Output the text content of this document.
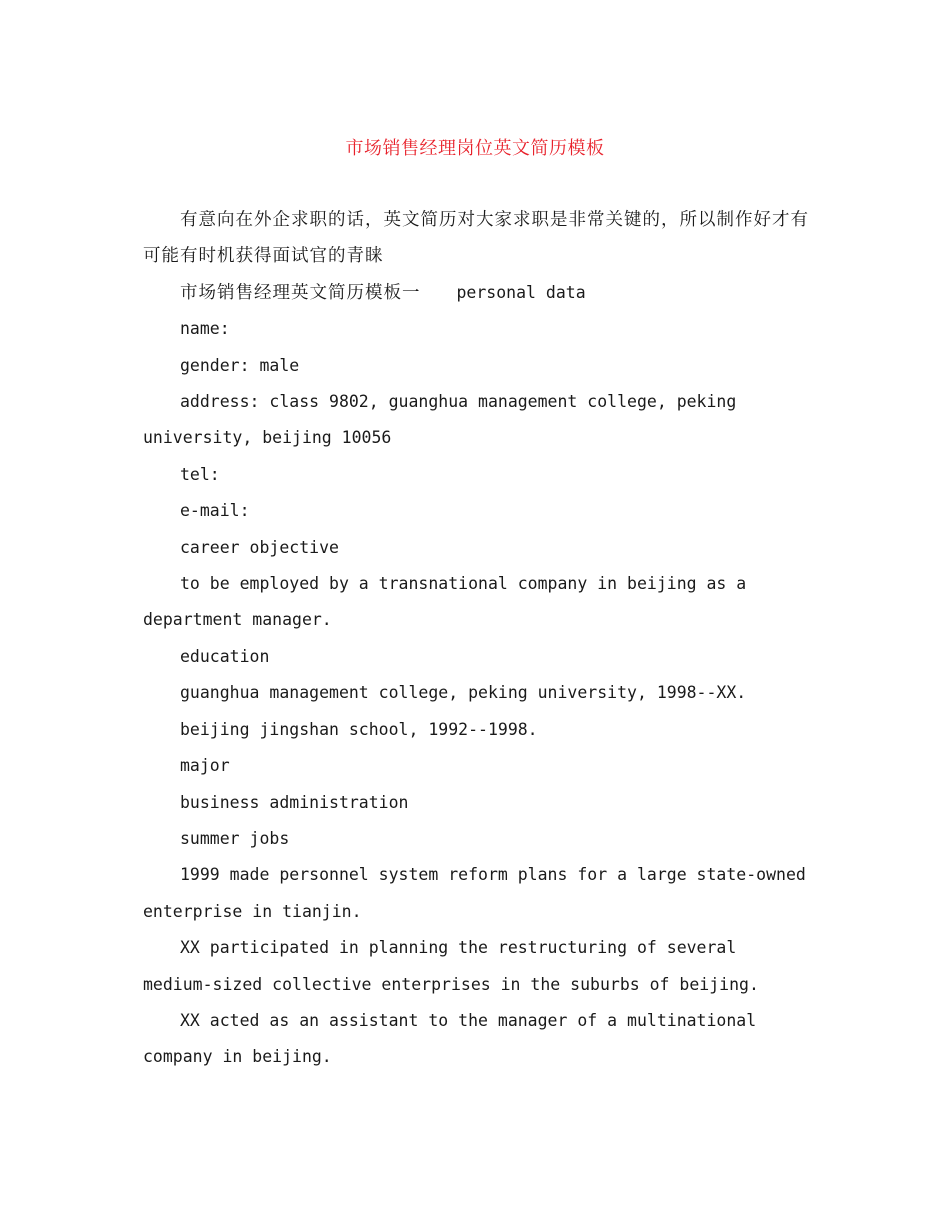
市场销售经理岗位英文简历模板

有意向在外企求职的话，英文简历对大家求职是非常关键的，所以制作好才有可能有时机获得面试官的青睐

市场销售经理英文简历模板一 personal data

name:

gender: male

address: class 9802, guanghua management college, peking university, beijing 10056

tel:

e-mail:

career objective

to be employed by a transnational company in beijing as a department manager.

education

guanghua management college, peking university, 1998--XX.

beijing jingshan school, 1992--1998.

major

business administration

summer jobs

1999 made personnel system reform plans for a large state-owned enterprise in tianjin.

XX participated in planning the restructuring of several medium-sized collective enterprises in the suburbs of beijing.

XX acted as an assistant to the manager of a multinational company in beijing.
